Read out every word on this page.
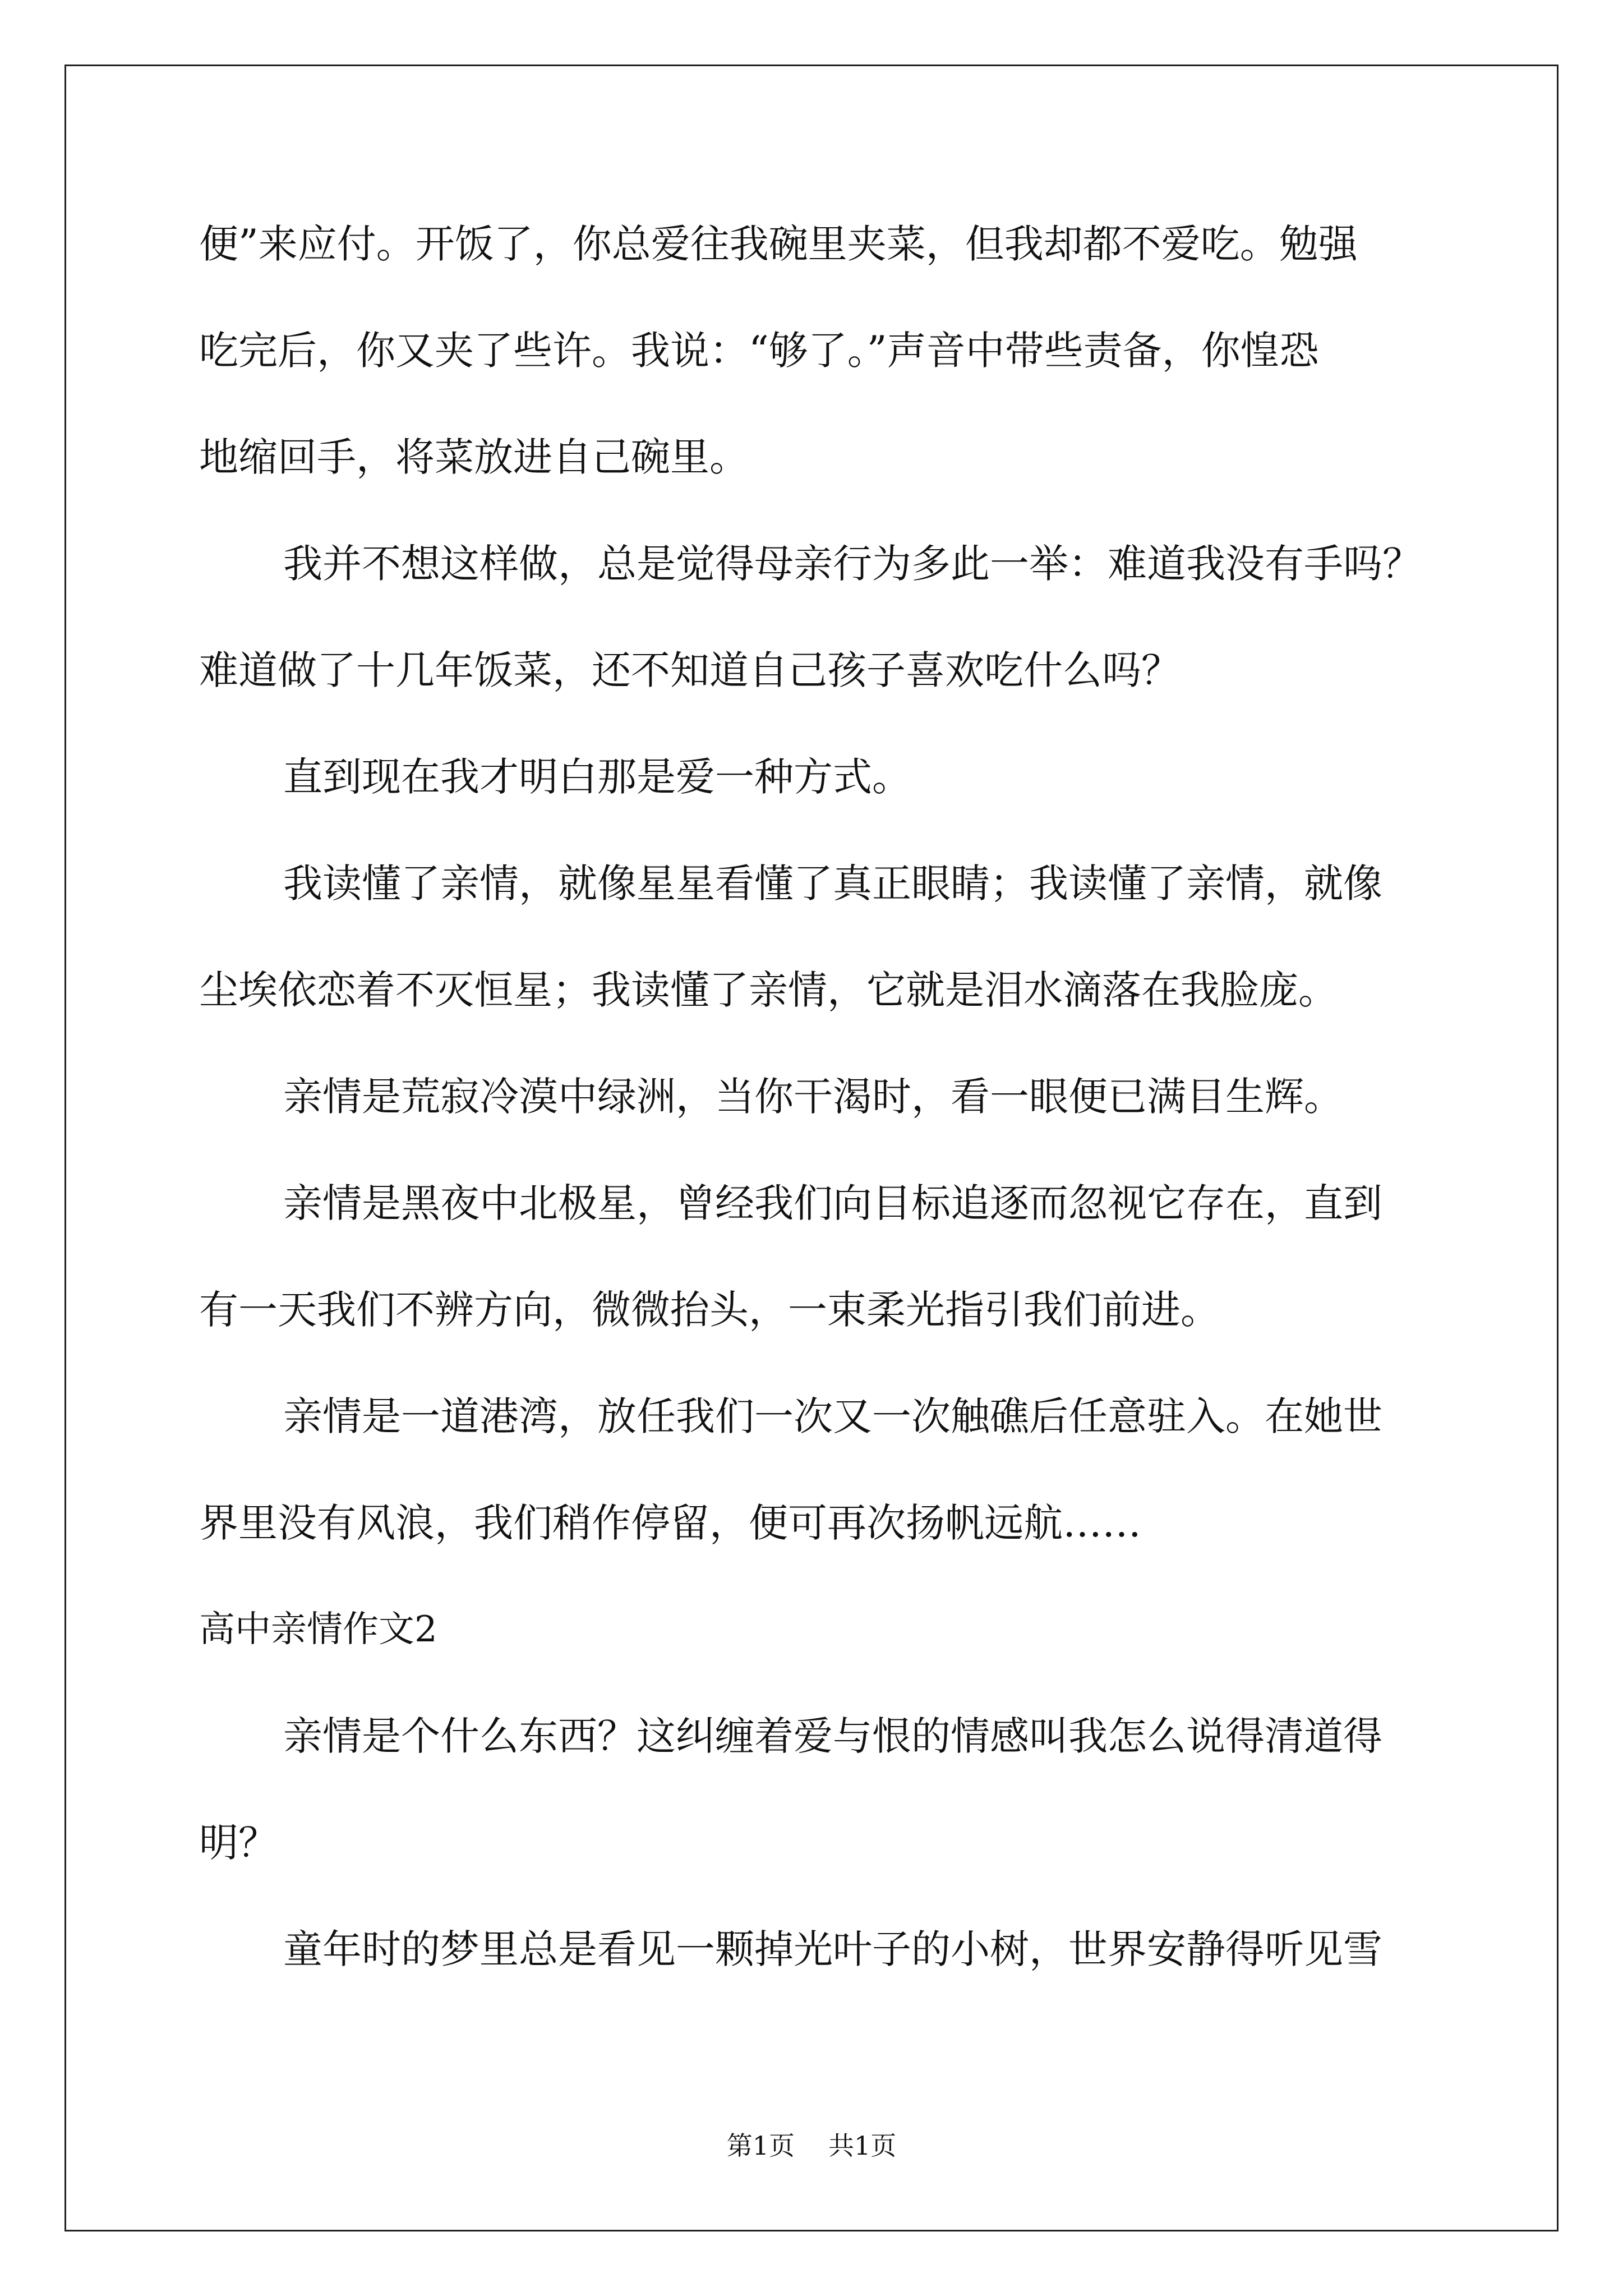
便”来应付。开饭了，你总爱往我碗里夹菜，但我却都不爱吃。勉强
吃完后，你又夹了些许。我说：“够了。”声音中带些责备，你惶恐
地缩回手，将菜放进自己碗里。
我并不想这样做，总是觉得母亲行为多此一举：难道我没有手吗？
难道做了十几年饭菜，还不知道自己孩子喜欢吃什么吗？
直到现在我才明白那是爱一种方式。
我读懂了亲情，就像星星看懂了真正眼睛；我读懂了亲情，就像
尘埃依恋着不灭恒星；我读懂了亲情，它就是泪水滴落在我脸庞。
亲情是荒寂冷漠中绿洲，当你干渴时，看一眼便已满目生辉。
亲情是黑夜中北极星，曾经我们向目标追逐而忽视它存在，直到
有一天我们不辨方向，微微抬头，一束柔光指引我们前进。
亲情是一道港湾，放任我们一次又一次触礁后任意驻入。在她世
界里没有风浪，我们稍作停留，便可再次扬帆远航……
高中亲情作文2
亲情是个什么东西？这纠缠着爱与恨的情感叫我怎么说得清道得
明？
童年时的梦里总是看见一颗掉光叶子的小树，世界安静得听见雪
第1页 共1页
